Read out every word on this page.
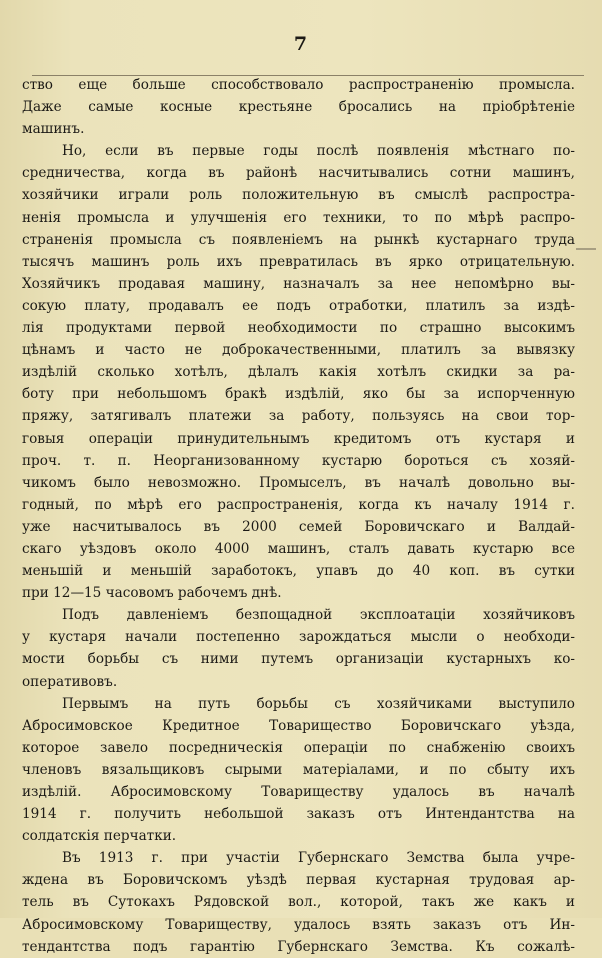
7
ство еще больше способствовало распространенію промысла.
Даже самые косные крестьяне бросались на пріобрѣтеніе
машинъ.
Но, если въ первые годы послѣ появленія мѣстнаго по-
средничества, когда въ районѣ насчитывались сотни машинъ,
хозяйчики играли роль положительную въ смыслѣ распростра-
ненія промысла и улучшенія его техники, то по мѣрѣ распро-
страненія промысла съ появленіемъ на рынкѣ кустарнаго труда
тысячъ машинъ роль ихъ превратилась въ ярко отрицательную.
Хозяйчикъ продавая машину, назначалъ за нее непомѣрно вы-
сокую плату, продавалъ ее подъ отработки, платилъ за издѣ-
лія продуктами первой необходимости по страшно высокимъ
цѣнамъ и часто не доброкачественными, платилъ за вывязку
издѣлій сколько хотѣлъ, дѣлалъ какія хотѣлъ скидки за ра-
боту при небольшомъ бракѣ издѣлій, яко бы за испорченную
пряжу, затягивалъ платежи за работу, пользуясь на свои тор-
говыя операціи принудительнымъ кредитомъ отъ кустаря и
проч. т. п. Неорганизованному кустарю бороться съ хозяй-
чикомъ было невозможно. Промыселъ, въ началѣ довольно вы-
годный, по мѣрѣ его распространенія, когда къ началу 1914 г.
уже насчитывалось въ 2000 семей Боровичскаго и Валдай-
скаго уѣздовъ около 4000 машинъ, сталъ давать кустарю все
меньшій и меньшій заработокъ, упавъ до 40 коп. въ сутки
при 12—15 часовомъ рабочемъ днѣ.
Подъ давленіемъ безпощадной эксплоатаціи хозяйчиковъ
у кустаря начали постепенно зарождаться мысли о необходи-
мости борьбы съ ними путемъ организаціи кустарныхъ ко-
оперативовъ.
Первымъ на путь борьбы съ хозяйчиками выступило
Абросимовское Кредитное Товарищество Боровичскаго уѣзда,
которое завело посредническія операціи по снабженію своихъ
членовъ вязальщиковъ сырыми матеріалами, и по сбыту ихъ
издѣлій. Абросимовскому Товариществу удалось въ началѣ
1914 г. получить небольшой заказъ отъ Интендантства на
солдатскія перчатки.
Въ 1913 г. при участіи Губернскаго Земства была учре-
ждена въ Боровичскомъ уѣздѣ первая кустарная трудовая ар-
тель въ Сутокахъ Рядовской вол., которой, такъ же какъ и
Абросимовскому Товариществу, удалось взять заказъ отъ Ин-
тендантства подъ гарантію Губернскаго Земства. Къ сожалѣ-
